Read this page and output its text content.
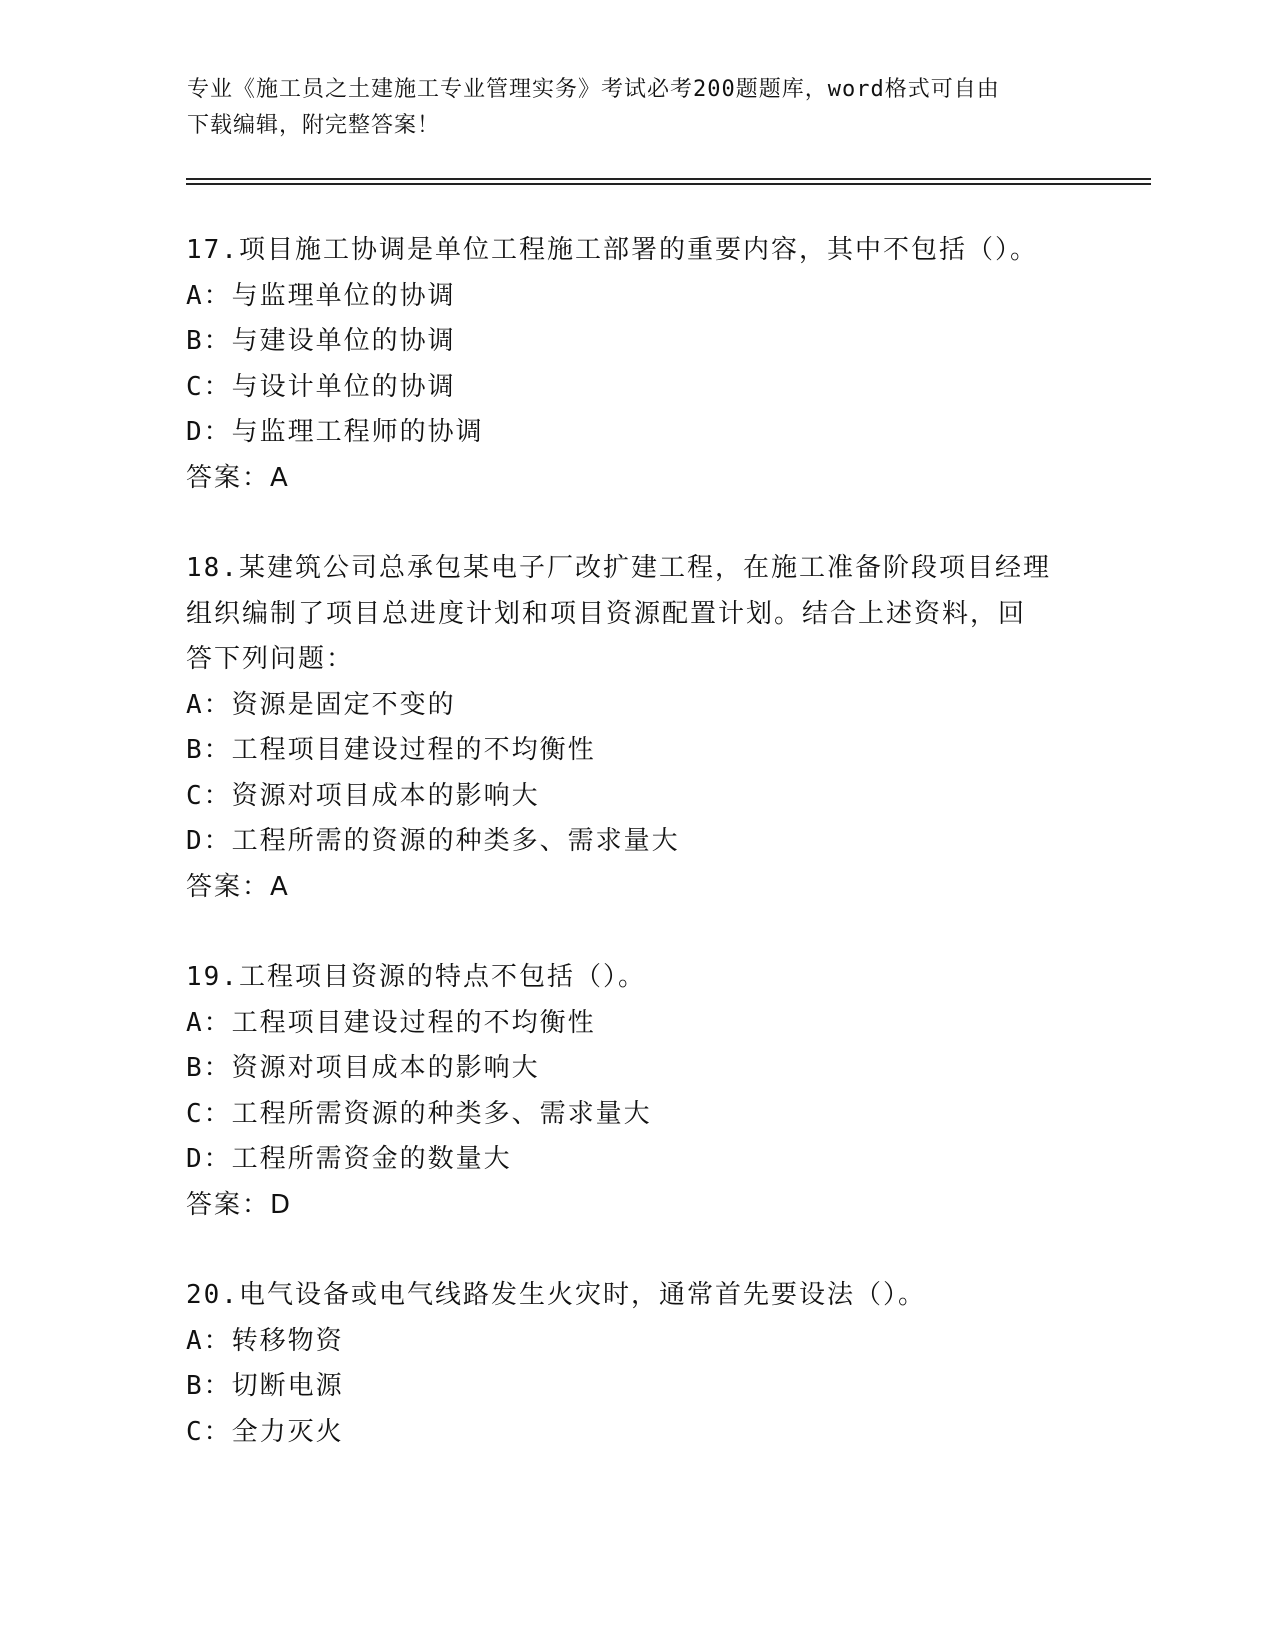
专业《施工员之土建施工专业管理实务》考试必考200题题库，word格式可自由
下载编辑，附完整答案！
17.项目施工协调是单位工程施工部署的重要内容，其中不包括（）。
A：与监理单位的协调
B：与建设单位的协调
C：与设计单位的协调
D：与监理工程师的协调
答案：A
18.某建筑公司总承包某电子厂改扩建工程，在施工准备阶段项目经理
组织编制了项目总进度计划和项目资源配置计划。结合上述资料，回
答下列问题：
A：资源是固定不变的
B：工程项目建设过程的不均衡性
C：资源对项目成本的影响大
D：工程所需的资源的种类多、需求量大
答案：A
19.工程项目资源的特点不包括（）。
A：工程项目建设过程的不均衡性
B：资源对项目成本的影响大
C：工程所需资源的种类多、需求量大
D：工程所需资金的数量大
答案：D
20.电气设备或电气线路发生火灾时，通常首先要设法（）。
A：转移物资
B：切断电源
C：全力灭火
